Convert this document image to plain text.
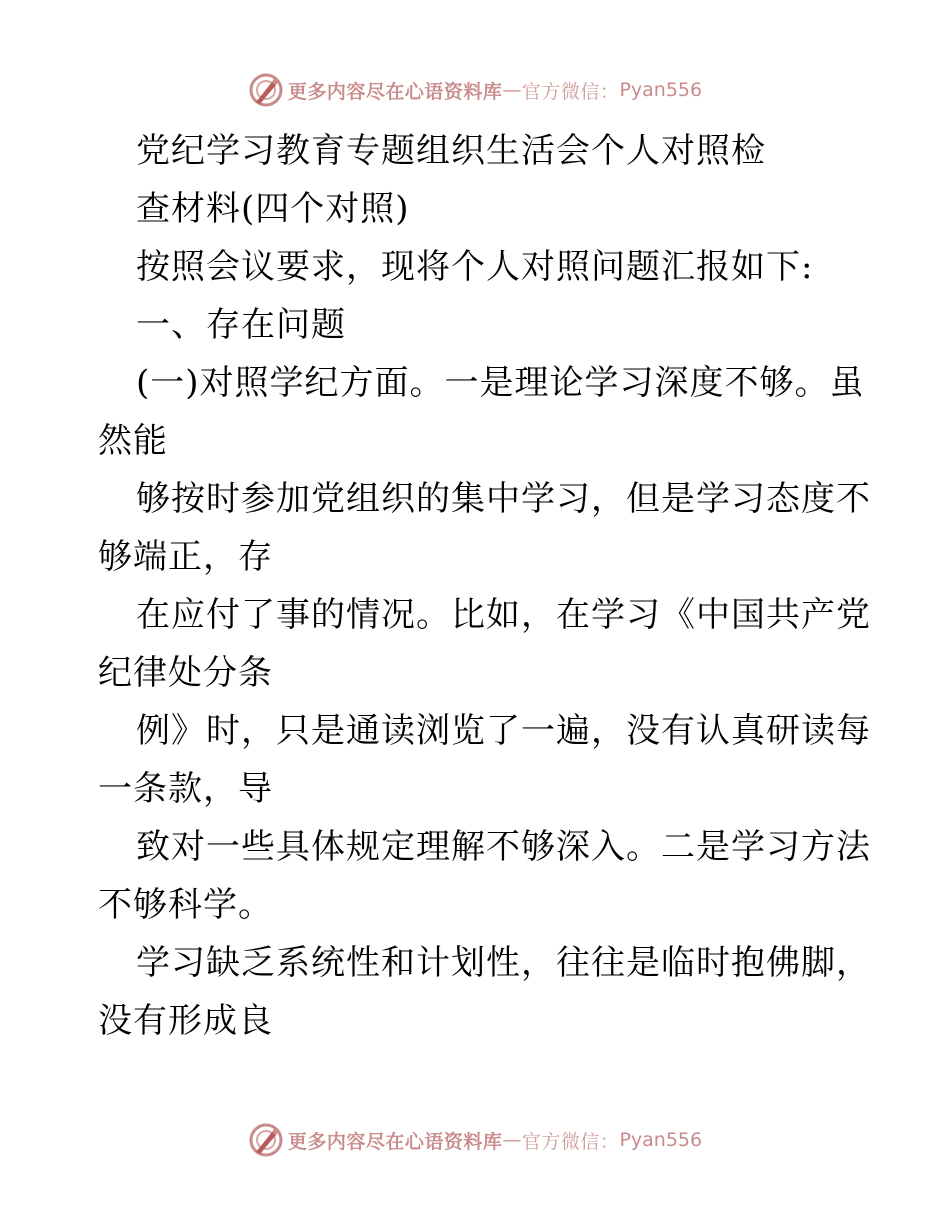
更多内容尽在心语资料库 — 官方微信： Pyan556
党纪学习教育专题组织生活会个人对照检
查材料(四个对照)
按照会议要求，现将个人对照问题汇报如下:
一、存在问题
(一)对照学纪方面。一是理论学习深度不够。虽
然能
够按时参加党组织的集中学习，但是学习态度不
够端正，存
在应付了事的情况。比如，在学习《中国共产党
纪律处分条
例》时，只是通读浏览了一遍，没有认真研读每
一条款，导
致对一些具体规定理解不够深入。二是学习方法
不够科学。
学习缺乏系统性和计划性，往往是临时抱佛脚，
没有形成良
更多内容尽在心语资料库 — 官方微信： Pyan556
